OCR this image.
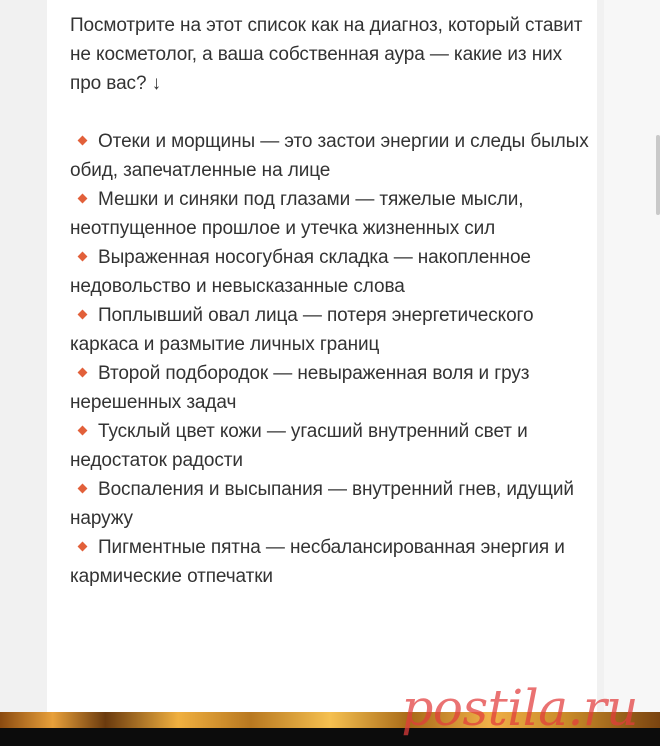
Посмотрите на этот список как на диагноз, который ставит не косметолог, а ваша собственная аура — какие из них про вас? ↓

Отеки и морщины — это застои энергии и следы былых обид, запечатленные на лице
Мешки и синяки под глазами — тяжелые мысли, неотпущенное прошлое и утечка жизненных сил
Выраженная носогубная складка — накопленное недовольство и невысказанные слова
Поплывший овал лица — потеря энергетического каркаса и размытие личных границ
Второй подбородок — невыраженная воля и груз нерешенных задач
Тусклый цвет кожи — угасший внутренний свет и недостаток радости
Воспаления и высыпания — внутренний гнев, идущий наружу
Пигментные пятна — несбалансированная энергия и кармические отпечатки
postila.ru
